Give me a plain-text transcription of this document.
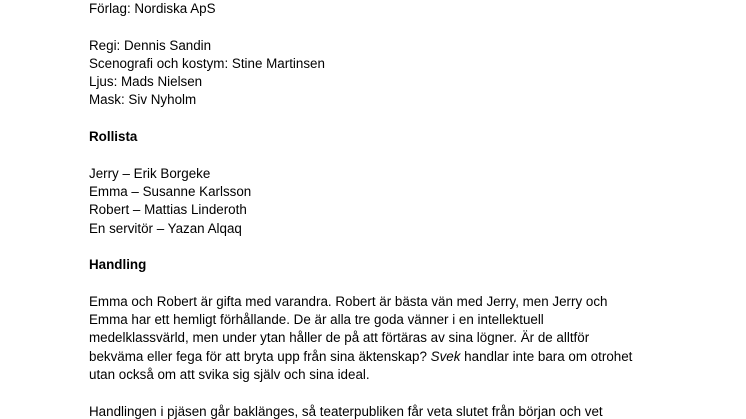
Förlag: Nordiska ApS
Regi: Dennis Sandin
Scenografi och kostym: Stine Martinsen
Ljus: Mads Nielsen
Mask: Siv Nyholm
Rollista
Jerry – Erik Borgeke
Emma – Susanne Karlsson
Robert – Mattias Linderoth
En servitör – Yazan Alqaq
Handling
Emma och Robert är gifta med varandra. Robert är bästa vän med Jerry, men Jerry och
Emma har ett hemligt förhållande. De är alla tre goda vänner i en intellektuell
medelklassvärld, men under ytan håller de på att förtäras av sina lögner. Är de alltför
bekväma eller fega för att bryta upp från sina äktenskap? Svek handlar inte bara om otrohet
utan också om att svika sig själv och sina ideal.
Handlingen i pjäsen går baklänges, så teaterpubliken får veta slutet från början och vet
